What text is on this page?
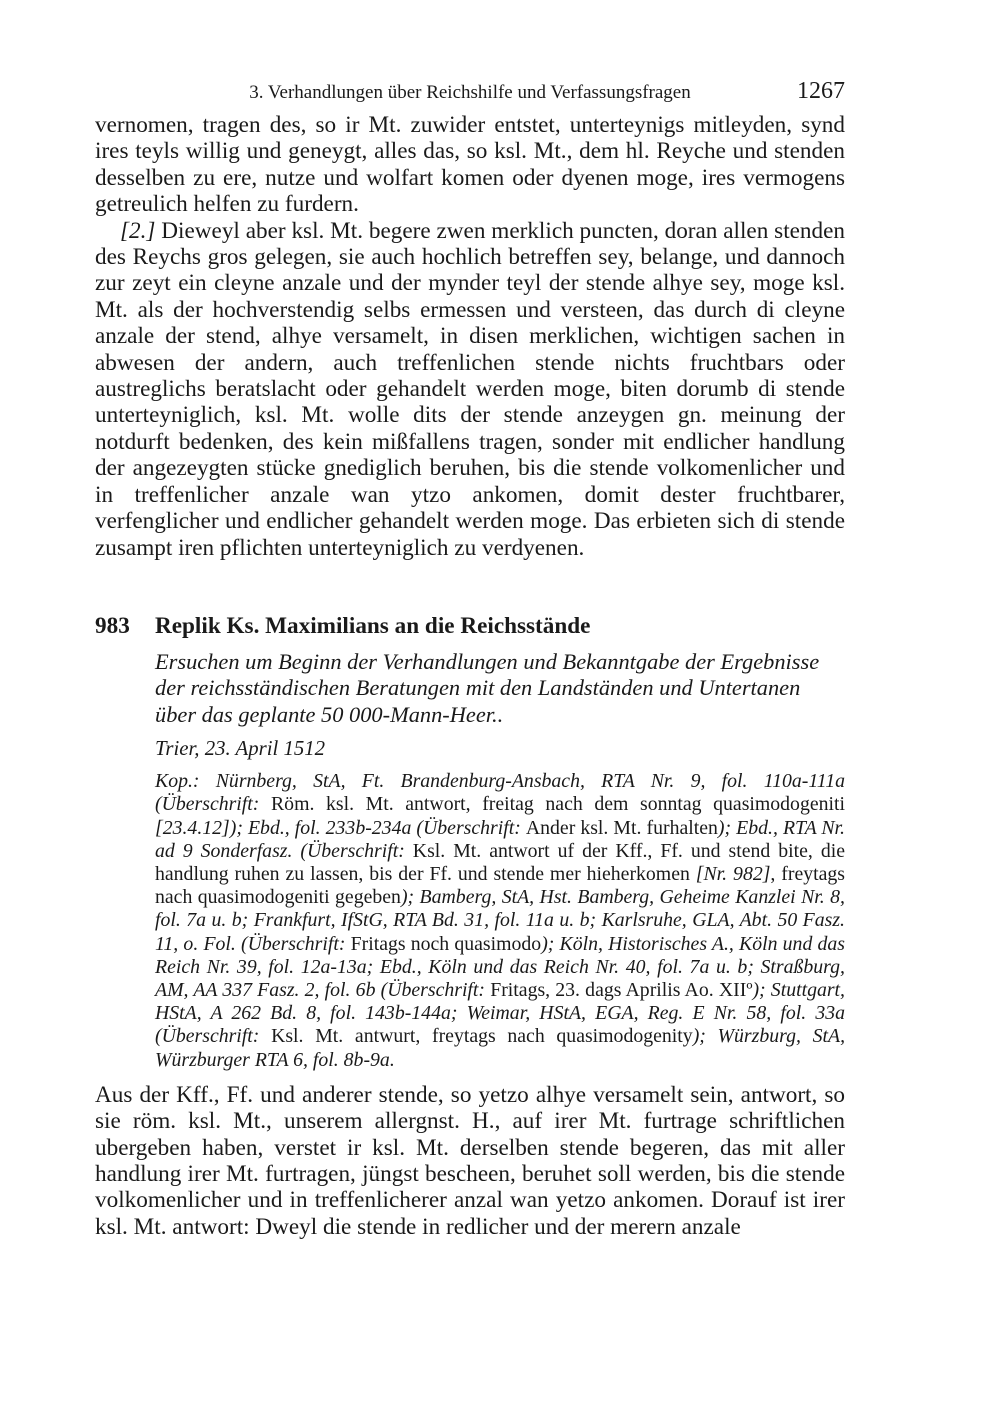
3. Verhandlungen über Reichshilfe und Verfassungsfragen	1267

vernomen, tragen des, so ir Mt. zuwider entstet, unterteynigs mitleyden, synd ires teyls willig und geneygt, alles das, so ksl. Mt., dem hl. Reyche und stenden desselben zu ere, nutze und wolfart komen oder dyenen moge, ires vermogens getreulich helfen zu furdern.

[2.] Dieweyl aber ksl. Mt. begere zwen merklich puncten, doran allen stenden des Reychs gros gelegen, sie auch hochlich betreffen sey, belange, und dannoch zur zeyt ein cleyne anzale und der mynder teyl der stende alhye sey, moge ksl. Mt. als der hochverstendig selbs ermessen und versteen, das durch di cleyne anzale der stend, alhye versamelt, in disen merklichen, wichtigen sachen in abwesen der andern, auch treffenlichen stende nichts fruchtbars oder austreglichs beratslacht oder gehandelt werden moge, biten dorumb di stende unterteyniglich, ksl. Mt. wolle dits der stende anzeygen gn. meinung der notdurft bedenken, des kein mißfallens tragen, sonder mit endlicher handlung der angezeygten stücke gnediglich beruhen, bis die stende volkomenlicher und in treffenlicher anzale wan ytzo ankomen, domit dester fruchtbarer, verfenglicher und endlicher gehandelt werden moge. Das erbieten sich di stende zusampt iren pflichten unterteyniglich zu verdyenen.

983 Replik Ks. Maximilians an die Reichsstände

Ersuchen um Beginn der Verhandlungen und Bekanntgabe der Ergebnisse der reichsständischen Beratungen mit den Landständen und Untertanen über das geplante 50 000-Mann-Heer..

Trier, 23. April 1512

Kop.: Nürnberg, StA, Ft. Brandenburg-Ansbach, RTA Nr. 9, fol. 110a-111a (Überschrift: Röm. ksl. Mt. antwort, freitag nach dem sonntag quasimodogeniti [23.4.12]); Ebd., fol. 233b-234a (Überschrift: Ander ksl. Mt. furhalten); Ebd., RTA Nr. ad 9 Sonderfasz. (Überschrift: Ksl. Mt. antwort uf der Kff., Ff. und stend bite, die handlung ruhen zu lassen, bis der Ff. und stende mer hieherkomen [Nr. 982], freytags nach quasimodogeniti gegeben); Bamberg, StA, Hst. Bamberg, Geheime Kanzlei Nr. 8, fol. 7a u. b; Frankfurt, IfStG, RTA Bd. 31, fol. 11a u. b; Karlsruhe, GLA, Abt. 50 Fasz. 11, o. Fol. (Überschrift: Fritags noch quasimodo); Köln, Historisches A., Köln und das Reich Nr. 39, fol. 12a-13a; Ebd., Köln und das Reich Nr. 40, fol. 7a u. b; Straßburg, AM, AA 337 Fasz. 2, fol. 6b (Überschrift: Fritags, 23. dags Aprilis Ao. XIIº); Stuttgart, HStA, A 262 Bd. 8, fol. 143b-144a; Weimar, HStA, EGA, Reg. E Nr. 58, fol. 33a (Überschrift: Ksl. Mt. antwurt, freytags nach quasimodogenity); Würzburg, StA, Würzburger RTA 6, fol. 8b-9a.

Aus der Kff., Ff. und anderer stende, so yetzo alhye versamelt sein, antwort, so sie röm. ksl. Mt., unserem allergnst. H., auf irer Mt. furtrage schriftlichen ubergeben haben, verstet ir ksl. Mt. derselben stende begeren, das mit aller handlung irer Mt. furtragen, jüngst bescheen, beruhet soll werden, bis die stende volkomenlicher und in treffenlicherer anzal wan yetzo ankomen. Dorauf ist irer ksl. Mt. antwort: Dweyl die stende in redlicher und der merern anzale
